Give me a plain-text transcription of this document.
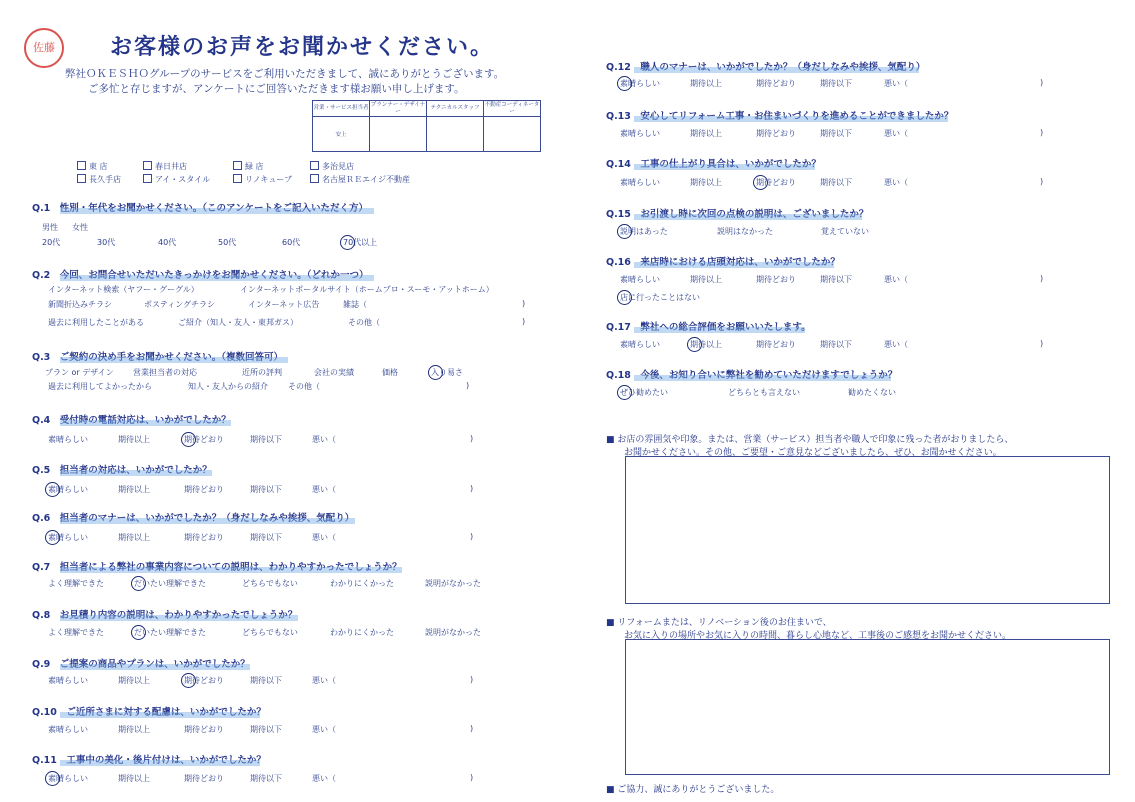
佐藤	お客様のお声をお聞かせください。
弊社ＯＫＥＳＨＯグループのサービスをご利用いただきまして、誠にありがとうございます。
ご多忙と存じますが、アンケートにご回答いただきます様お願い申し上げます。
営業・サービス担当者	プランナー・デザイナー	テクニカルスタッフ	不動産コーディネーター
安上			
東 店	春日井店	緑 店	多治見店
長久手店	アイ・スタイル	リノキューブ	名古屋ＲＥエイジ不動産
Q.1　性別・年代をお聞かせください。（このアンケートをご記入いただく方）
男性 女性
20代	30代	40代	50代	60代	70代以上
Q.2　今回、お問合せいただいたきっかけをお聞かせください。（どれか一つ）
インターネット検索（ヤフー・グーグル）	インターネットポータルサイト（ホームプロ・スーモ・アットホーム）
新聞折込みチラシ	ポスティングチラシ	インターネット広告	雑誌（	)
過去に利用したことがある	ご紹介（知人・友人・東邦ガス）	その他（	)
Q.3　ご契約の決め手をお聞かせください。（複数回答可）
プラン or デザイン 営業担当者の対応	近所の評判	会社の実績	価格	入り易さ
過去に利用してよかったから	知人・友人からの紹介	その他（	)
Q.4　受付時の電話対応は、いかがでしたか？
素晴らしい	期待以上	期待どおり	期待以下	悪い（	)
Q.5　担当者の対応は、いかがでしたか？
素晴らしい	期待以上	期待どおり	期待以下	悪い（	)
Q.6　担当者のマナーは、いかがでしたか？（身だしなみや挨拶、気配り）
素晴らしい	期待以上	期待どおり	期待以下	悪い（	)
Q.7　担当者による弊社の事業内容についての説明は、わかりやすかったでしょうか？
よく理解できた	だいたい理解できた	どちらでもない	わかりにくかった	説明がなかった
Q.8　お見積り内容の説明は、わかりやすかったでしょうか？
よく理解できた	だいたい理解できた	どちらでもない	わかりにくかった	説明がなかった
Q.9　ご提案の商品やプランは、いかがでしたか？
素晴らしい	期待以上	期待どおり	期待以下	悪い（	)
Q.10　ご近所さまに対する配慮は、いかがでしたか？
素晴らしい	期待以上	期待どおり	期待以下	悪い（	)
Q.11　工事中の美化・後片付けは、いかがでしたか？
素晴らしい	期待以上	期待どおり	期待以下	悪い（	)
Q.12　職人のマナーは、いかがでしたか？（身だしなみや挨拶、気配り）
素晴らしい	期待以上	期待どおり	期待以下	悪い（	)
Q.13　安心してリフォーム工事・お住まいづくりを進めることができましたか？
素晴らしい	期待以上	期待どおり	期待以下	悪い（	)
Q.14　工事の仕上がり具合は、いかがでしたか？
素晴らしい	期待以上	期待どおり	期待以下	悪い（	)
Q.15　お引渡し時に次回の点検の説明は、ございましたか？
説明はあった	説明はなかった	覚えていない
Q.16　来店時における店頭対応は、いかがでしたか？
素晴らしい	期待以上	期待どおり	期待以下	悪い（	)
店に行ったことはない
Q.17　弊社への総合評価をお願いいたします。
素晴らしい	期待以上	期待どおり	期待以下	悪い（	)
Q.18　今後、お知り合いに弊社を勧めていただけますでしょうか？
ぜひ勧めたい	どちらとも言えない	勧めたくない
■ お店の雰囲気や印象。または、営業（サービス）担当者や職人で印象に残った者がおりましたら、
お聞かせください。その他、ご要望・ご意見などございましたら、ぜひ、お聞かせください。
■ リフォームまたは、リノベーション後のお住まいで、
お気に入りの場所やお気に入りの時間、暮らし心地など、工事後のご感想をお聞かせください。
■ ご協力、誠にありがとうございました。
